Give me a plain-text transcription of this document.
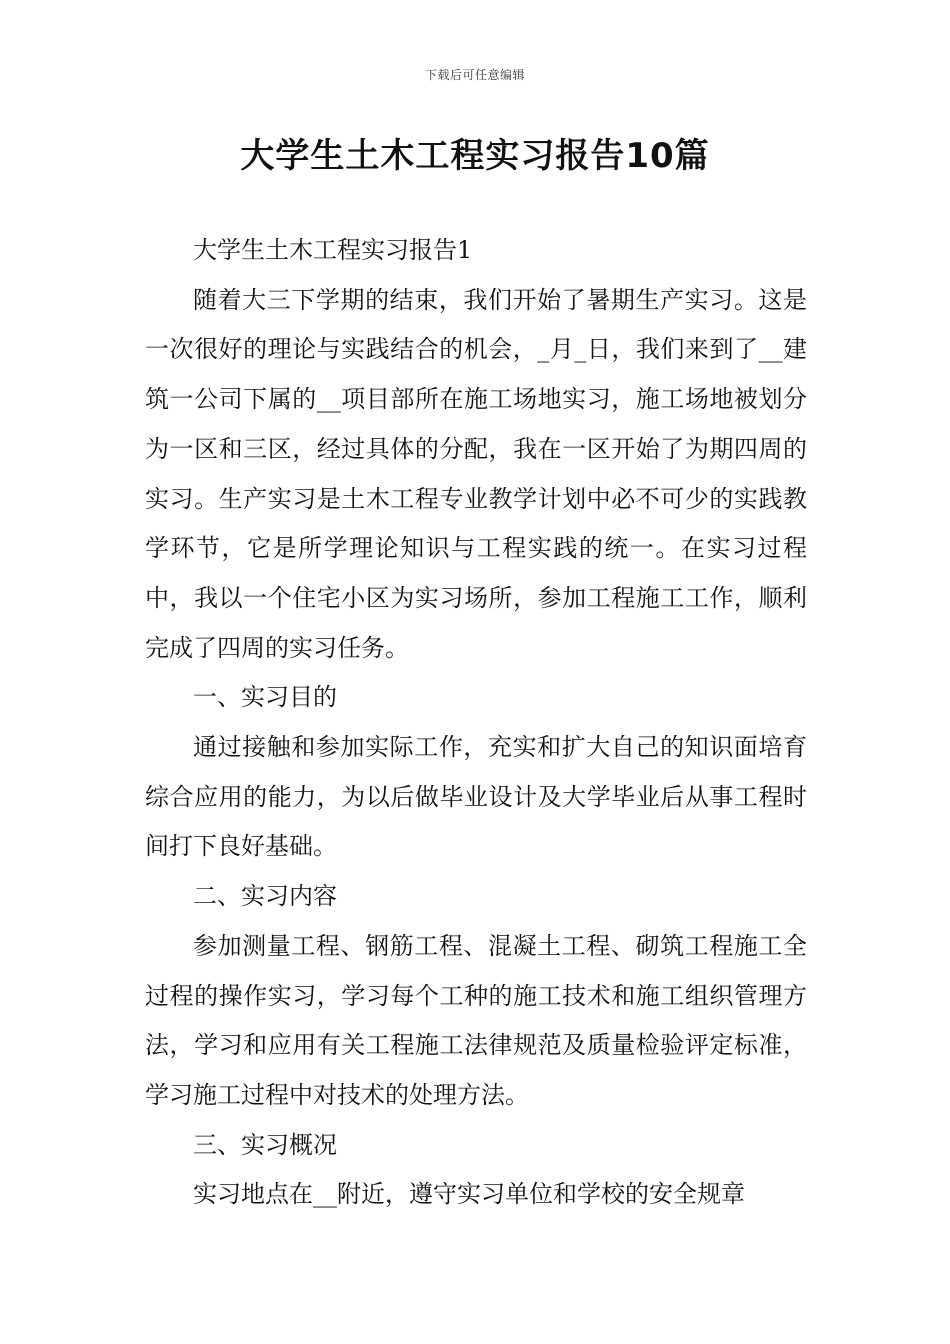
下载后可任意编辑
大学生土木工程实习报告10篇

大学生土木工程实习报告1

随着大三下学期的结束，我们开始了暑期生产实习。这是一次很好的理论与实践结合的机会，_月_日，我们来到了__建筑一公司下属的__项目部所在施工场地实习，施工场地被划分为一区和三区，经过具体的分配，我在一区开始了为期四周的实习。生产实习是土木工程专业教学计划中必不可少的实践教学环节，它是所学理论知识与工程实践的统一。在实习过程中，我以一个住宅小区为实习场所，参加工程施工工作，顺利完成了四周的实习任务。

一、实习目的

通过接触和参加实际工作，充实和扩大自己的知识面培育综合应用的能力，为以后做毕业设计及大学毕业后从事工程时间打下良好基础。

二、实习内容

参加测量工程、钢筋工程、混凝土工程、砌筑工程施工全过程的操作实习，学习每个工种的施工技术和施工组织管理方法，学习和应用有关工程施工法律规范及质量检验评定标准，学习施工过程中对技术的处理方法。

三、实习概况

实习地点在__附近，遵守实习单位和学校的安全规章
